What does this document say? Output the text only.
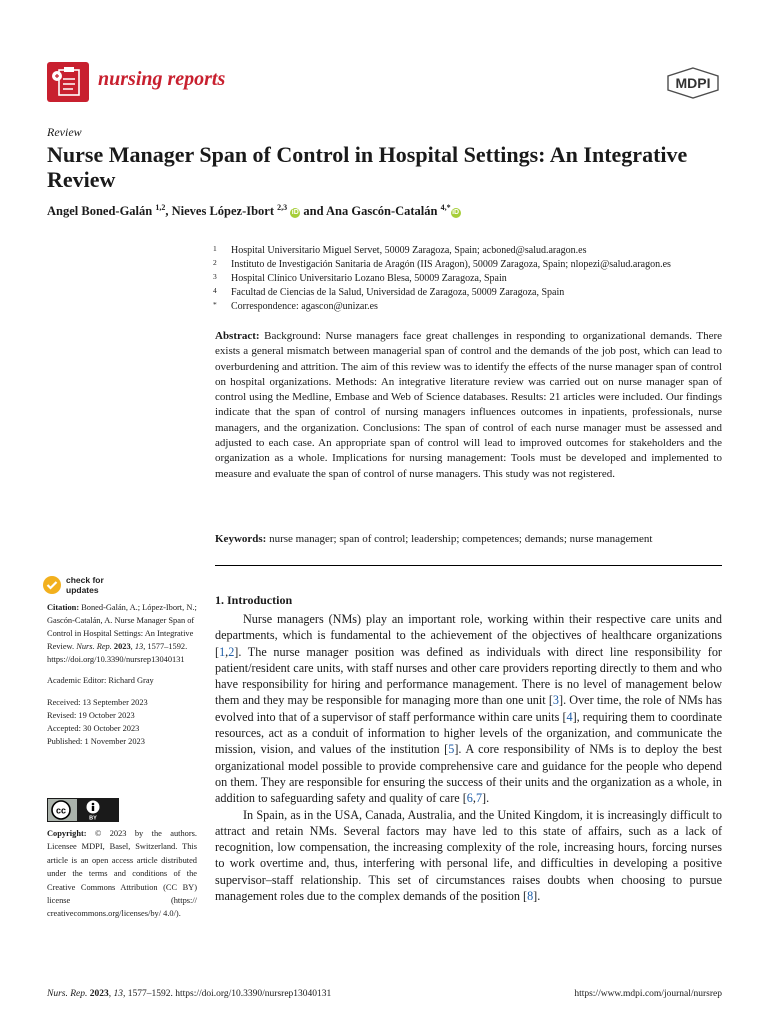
nursing reports	MDPI
Review
Nurse Manager Span of Control in Hospital Settings: An Integrative Review
Angel Boned-Galán $^{1,2}$, Nieves López-Ibort $^{2,3}$ iD and Ana Gascón-Catalán $^{4,*}$iD
1 Hospital Universitario Miguel Servet, 50009 Zaragoza, Spain; acboned@salud.aragon.es
2 Instituto de Investigación Sanitaria de Aragón (IIS Aragon), 50009 Zaragoza, Spain; nlopezi@salud.aragon.es
3 Hospital Clínico Universitario Lozano Blesa, 50009 Zaragoza, Spain
4 Facultad de Ciencias de la Salud, Universidad de Zaragoza, 50009 Zaragoza, Spain
* Correspondence: agascon@unizar.es
Abstract: Background: Nurse managers face great challenges in responding to organizational demands. There exists a general mismatch between managerial span of control and the demands of the job post, which can lead to overburdening and attrition. The aim of this review was to identify the effects of the nurse manager span of control on hospital organizations. Methods: An integrative literature review was carried out on nurse manager span of control using the Medline, Embase and Web of Science databases. Results: 21 articles were included. Our findings indicate that the span of control of nursing managers influences outcomes in inpatients, professionals, nurse managers, and the organization. Conclusions: The span of control of each nurse manager must be assessed and adjusted to each case. An appropriate span of control will lead to improved outcomes for stakeholders and the organization as a whole. Implications for nursing management: Tools must be developed and implemented to measure and evaluate the span of control of nurse managers. This study was not registered.
Keywords: nurse manager; span of control; leadership; competences; demands; nurse management
check for
updates
Citation: Boned-Galán, A.; López-Ibort, N.; Gascón-Catalán, A. Nurse Manager Span of Control in Hospital Settings: An Integrative Review. Nurs. Rep. 2023, 13, 1577–1592. https://doi.org/10.3390/nursrep13040131
Academic Editor: Richard Gray

Received: 13 September 2023

Revised: 19 October 2023

Accepted: 30 October 2023

Published: 1 November 2023

cc
BY
Copyright: © 2023 by the authors. Licensee MDPI, Basel, Switzerland. This article is an open access article distributed under the terms and conditions of the Creative Commons Attribution (CC BY) license (https:// creativecommons.org/licenses/by/ 4.0/).
1. Introduction

Nurse managers (NMs) play an important role, working within their respective care units and departments, which is fundamental to the achievement of the objectives of healthcare organizations [1,2]. The nurse manager position was defined as individuals with direct line responsibility for patient/resident care units, with staff nurses and other care providers reporting directly to them and who have responsibility for hiring and performance management. There is no level of management below them and they may be responsible for managing more than one unit [3]. Over time, the role of NMs has evolved into that of a supervisor of staff performance within care units [4], requiring them to coordinate resources, act as a conduit of information to higher levels of the organization, and communicate the mission, vision, and values of the institution [5]. A core responsibility of NMs is to deploy the best organizational model possible to provide comprehensive care and guidance for the people who depend on them. They are responsible for ensuring the success of their units and the organization as a whole, in addition to safeguarding safety and quality of care [6,7].

In Spain, as in the USA, Canada, Australia, and the United Kingdom, it is increasingly difficult to attract and retain NMs. Several factors may have led to this state of affairs, such as a lack of recognition, low compensation, the increasing complexity of the role, increasing hours, forcing nurses to work overtime and, thus, interfering with personal life, and difficulties in developing a positive supervisor–staff relationship. This set of circumstances raises doubts when choosing to pursue management roles due to the complex demands of the position [8].

Nurs. Rep. 2023, 13, 1577–1592. https://doi.org/10.3390/nursrep13040131	https://www.mdpi.com/journal/nursrep
